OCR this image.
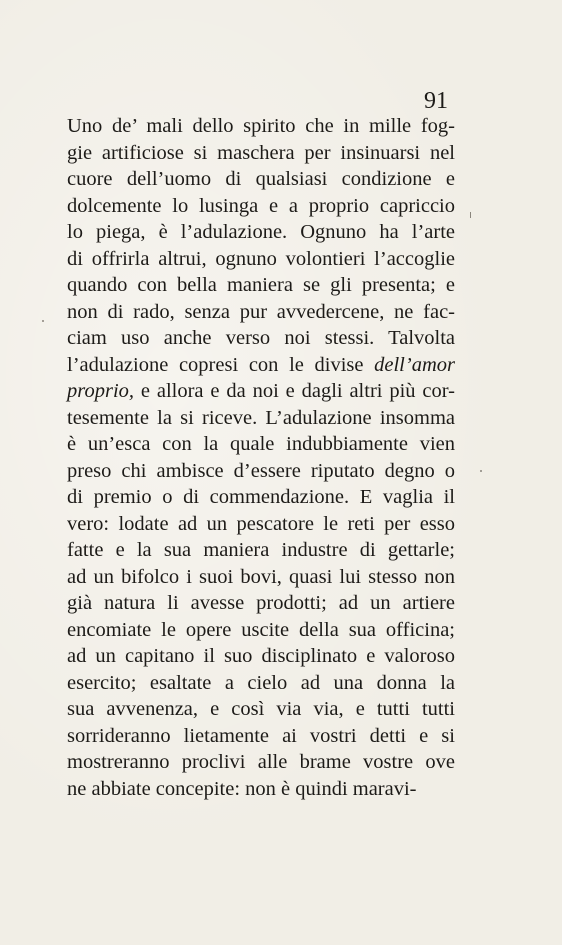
91
Uno de’ mali dello spirito che in mille fog-
gie artificiose si maschera per insinuarsi nel
cuore dell’uomo di qualsiasi condizione e
dolcemente lo lusinga e a proprio capriccio
lo piega, è l’adulazione. Ognuno ha l’arte
di offrirla altrui, ognuno volontieri l’accoglie
quando con bella maniera se gli presenta; e
non di rado, senza pur avvedercene, ne fac-
ciam uso anche verso noi stessi. Talvolta
l’adulazione copresi con le divise dell’amor
proprio, e allora e da noi e dagli altri più cor-
tesemente la si riceve. L’adulazione insomma
è un’esca con la quale indubbiamente vien
preso chi ambisce d’essere riputato degno o
di premio o di commendazione. E vaglia il
vero: lodate ad un pescatore le reti per esso
fatte e la sua maniera industre di gettarle;
ad un bifolco i suoi bovi, quasi lui stesso non
già natura li avesse prodotti; ad un artiere
encomiate le opere uscite della sua officina;
ad un capitano il suo disciplinato e valoroso
esercito; esaltate a cielo ad una donna la
sua avvenenza, e così via via, e tutti tutti
sorrideranno lietamente ai vostri detti e si
mostreranno proclivi alle brame vostre ove
ne abbiate concepite: non è quindi maravi-
